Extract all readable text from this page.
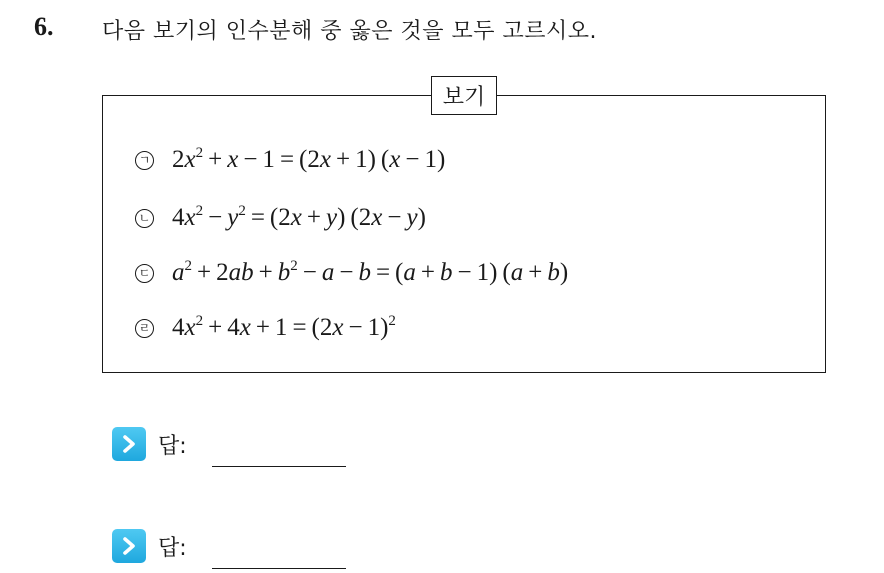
6. 다음 보기의 인수분해 중 옳은 것을 모두 고르시오.
보기
ㄱ $2x^2 + x - 1 = (2x + 1) (x - 1)$
ㄴ $4x^2 - y^2 = (2x + y) (2x - y)$
ㄷ $a^2 + 2ab + b^2 - a - b = (a + b - 1) (a + b)$
ㄹ $4x^2 + 4x + 1 = (2x - 1)^2$
답:
답:
